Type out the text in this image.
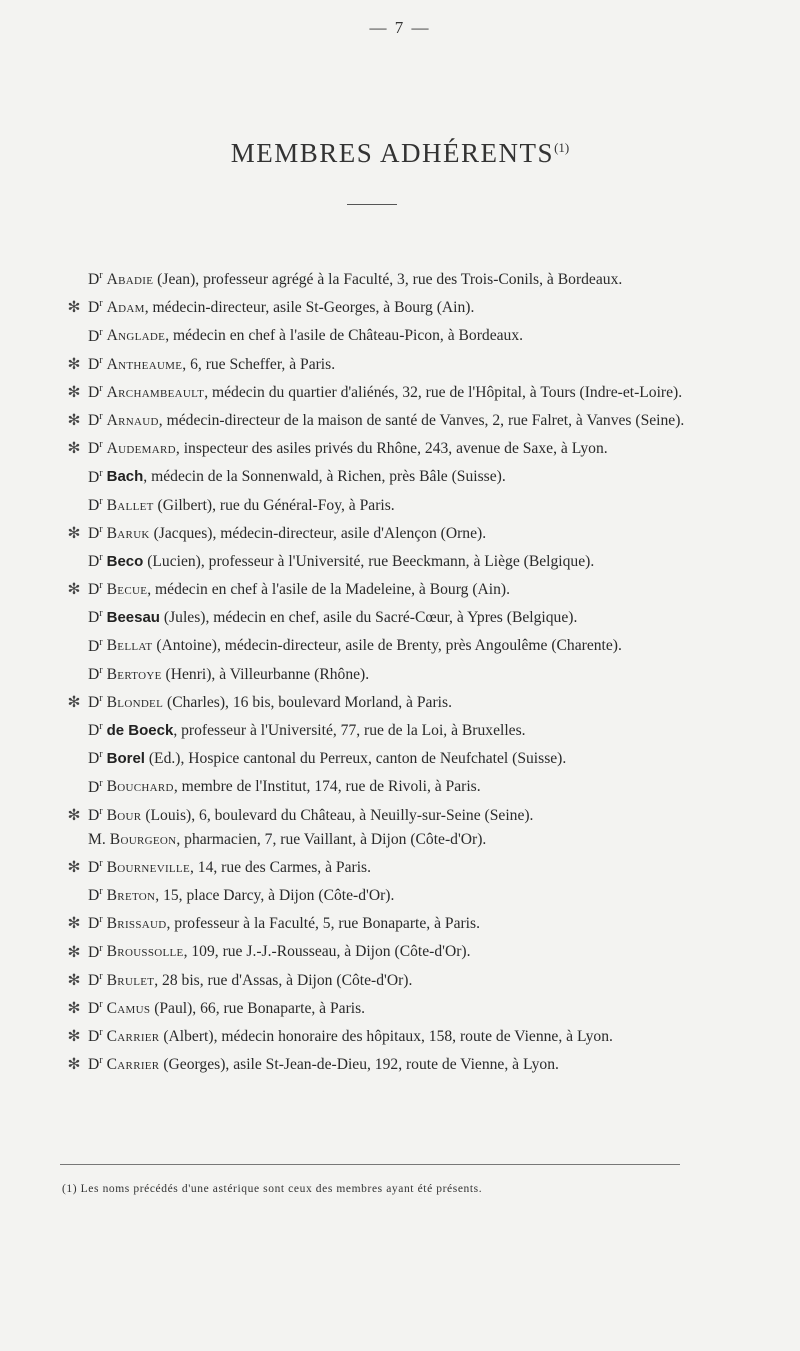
— 7 —
MEMBRES ADHÉRENTS$^{(1)}$
$D^r$ Abadie (Jean), professeur agrégé à la Faculté, 3, rue des Trois-Conils, à Bordeaux.
✻ $D^r$ Adam, médecin-directeur, asile St-Georges, à Bourg (Ain).
$D^r$ Anglade, médecin en chef à l'asile de Château-Picon, à Bordeaux.
✻ $D^r$ Antheaume, 6, rue Scheffer, à Paris.
✻ $D^r$ Archambeault, médecin du quartier d'aliénés, 32, rue de l'Hôpital, à Tours (Indre-et-Loire).
✻ $D^r$ Arnaud, médecin-directeur de la maison de santé de Vanves, 2, rue Falret, à Vanves (Seine).
✻ $D^r$ Audemard, inspecteur des asiles privés du Rhône, 243, avenue de Saxe, à Lyon.
$D^r$ Bach, médecin de la Sonnenwald, à Richen, près Bâle (Suisse).
$D^r$ Ballet (Gilbert), rue du Général-Foy, à Paris.
✻ $D^r$ Baruk (Jacques), médecin-directeur, asile d'Alençon (Orne).
$D^r$ Beco (Lucien), professeur à l'Université, rue Beeckmann, à Liège (Belgique).
✻ $D^r$ Becue, médecin en chef à l'asile de la Madeleine, à Bourg (Ain).
$D^r$ Beesau (Jules), médecin en chef, asile du Sacré-Cœur, à Ypres (Belgique).
$D^r$ Bellat (Antoine), médecin-directeur, asile de Brenty, près Angoulême (Charente).
$D^r$ Bertoye (Henri), à Villeurbanne (Rhône).
✻ $D^r$ Blondel (Charles), 16 bis, boulevard Morland, à Paris.
$D^r$ de Boeck, professeur à l'Université, 77, rue de la Loi, à Bruxelles.
$D^r$ Borel (Ed.), Hospice cantonal du Perreux, canton de Neufchatel (Suisse).
$D^r$ Bouchard, membre de l'Institut, 174, rue de Rivoli, à Paris.
✻ $D^r$ Bour (Louis), 6, boulevard du Château, à Neuilly-sur-Seine (Seine).
M. Bourgeon, pharmacien, 7, rue Vaillant, à Dijon (Côte-d'Or).
✻ $D^r$ Bourneville, 14, rue des Carmes, à Paris.
$D^r$ Breton, 15, place Darcy, à Dijon (Côte-d'Or).
✻ $D^r$ Brissaud, professeur à la Faculté, 5, rue Bonaparte, à Paris.
✻ $D^r$ Broussolle, 109, rue J.-J.-Rousseau, à Dijon (Côte-d'Or).
✻ $D^r$ Brulet, 28 bis, rue d'Assas, à Dijon (Côte-d'Or).
✻ $D^r$ Camus (Paul), 66, rue Bonaparte, à Paris.
✻ $D^r$ Carrier (Albert), médecin honoraire des hôpitaux, 158, route de Vienne, à Lyon.
✻ $D^r$ Carrier (Georges), asile St-Jean-de-Dieu, 192, route de Vienne, à Lyon.
(1) Les noms précédés d'une astérique sont ceux des membres ayant été présents.
